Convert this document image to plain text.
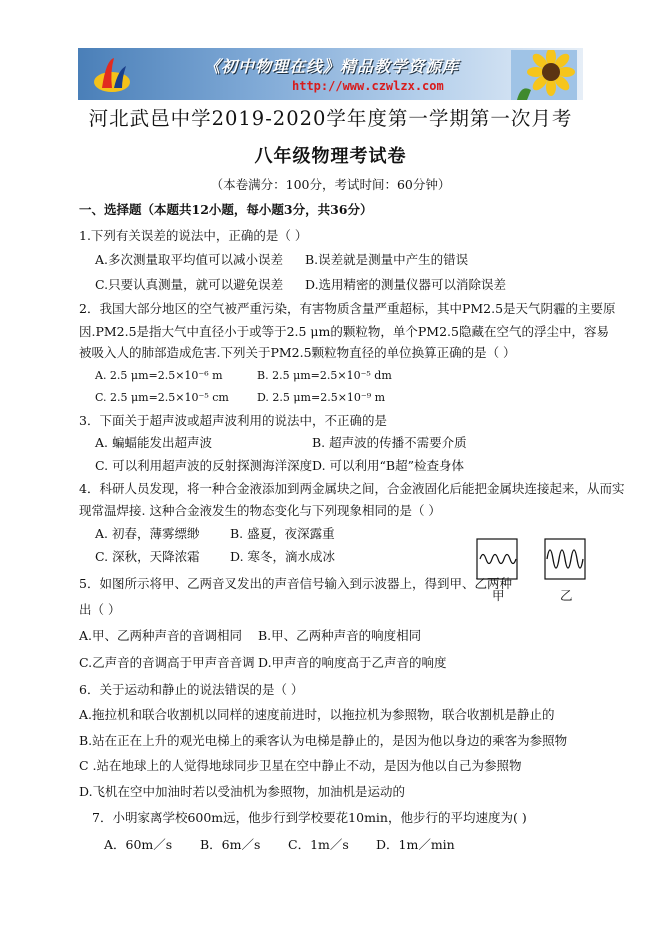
《初中物理在线》精品教学资源库
http://www.czwlzx.com
河北武邑中学2019-2020学年度第一学期第一次月考
八年级物理考试卷
（本卷满分：100分，考试时间：60分钟）
一、选择题（本题共12小题，每小题3分，共36分）
1.下列有关误差的说法中，正确的是（ ）
A.多次测量取平均值可以减小误差 B.误差就是测量中产生的错误
C.只要认真测量，就可以避免误差 D.选用精密的测量仪器可以消除误差
2．我国大部分地区的空气被严重污染，有害物质含量严重超标，其中PM2.5是天气阴霾的主要原
因.PM2.5是指大气中直径小于或等于2.5 μm的颗粒物，单个PM2.5隐藏在空气的浮尘中，容易
被吸入人的肺部造成危害.下列关于PM2.5颗粒物直径的单位换算正确的是（ ）
A. 2.5 μm=2.5×10⁻⁶ m	B. 2.5 μm=2.5×10⁻⁵ dm
C. 2.5 μm=2.5×10⁻⁵ cm	D. 2.5 μm=2.5×10⁻⁹ m
3．下面关于超声波或超声波利用的说法中，不正确的是
A. 蝙蝠能发出超声波	B. 超声波的传播不需要介质
C. 可以利用超声波的反射探测海洋深度 D. 可以利用“B超”检查身体
4．科研人员发现，将一种合金液添加到两金属块之间，合金液固化后能把金属块连接起来，从而实
现常温焊接. 这种合金液发生的物态变化与下列现象相同的是（ ）
A. 初春，薄雾缥缈 B. 盛夏，夜深露重
C. 深秋，天降浓霜 D. 寒冬，滴水成冰
甲	乙
5．如图所示将甲、乙两音叉发出的声音信号输入到示波器上，得到甲、乙两种
出（ ）
A.甲、乙两种声音的音调相同 B.甲、乙两种声音的响度相同
C.乙声音的音调高于甲声音音调 D.甲声音的响度高于乙声音的响度
6．关于运动和静止的说法错误的是（ ）
A.拖拉机和联合收割机以同样的速度前进时，以拖拉机为参照物，联合收割机是静止的
B.站在正在上升的观光电梯上的乘客认为电梯是静止的，是因为他以身边的乘客为参照物
C .站在地球上的人觉得地球同步卫星在空中静止不动，是因为他以自己为参照物
D.飞机在空中加油时若以受油机为参照物，加油机是运动的
7．小明家离学校600m远，他步行到学校要花10min，他步行的平均速度为( )
A．60m／s B．6m／s C．1m／s D．1m／min
